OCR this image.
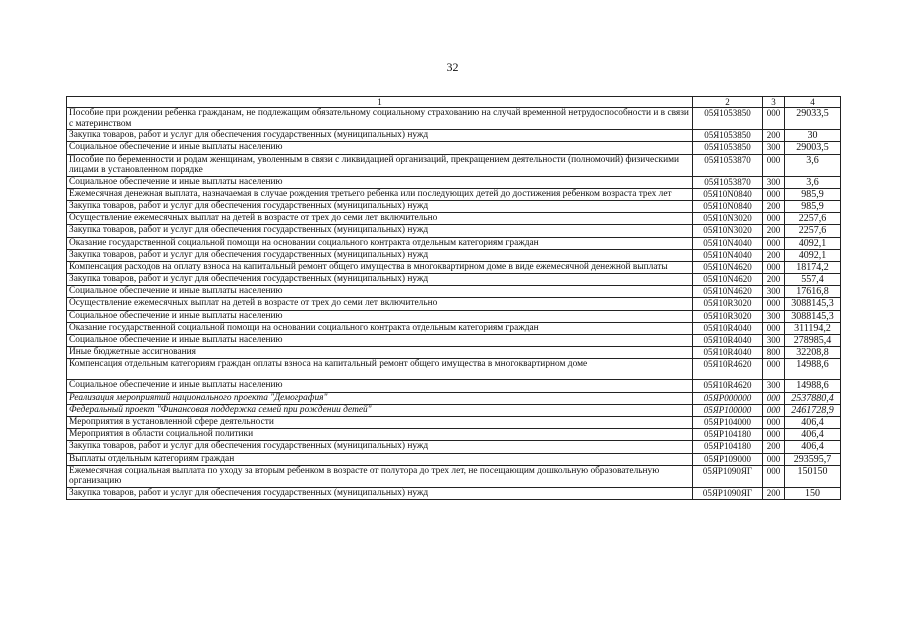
32
1	2	3	4
Пособие при рождении ребенка гражданам, не подлежащим обязательному социальному страхованию на случай временной нетрудоспособности и в связи с материнством	05Я1053850	000	29033,5
Закупка товаров, работ и услуг для обеспечения государственных (муниципальных) нужд	05Я1053850	200	30
Социальное обеспечение и иные выплаты населению	05Я1053850	300	29003,5
Пособие по беременности и родам женщинам, уволенным в связи с ликвидацией организаций, прекращением деятельности (полномочий) физическими лицами в установленном порядке	05Я1053870	000	3,6
Социальное обеспечение и иные выплаты населению	05Я1053870	300	3,6
Ежемесячная денежная выплата, назначаемая в случае рождения третьего ребенка или последующих детей до достижения ребенком возраста трех лет	05Я10N0840	000	985,9
Закупка товаров, работ и услуг для обеспечения государственных (муниципальных) нужд	05Я10N0840	200	985,9
Осуществление ежемесячных выплат на детей в возрасте от трех до семи лет включительно	05Я10N3020	000	2257,6
Закупка товаров, работ и услуг для обеспечения государственных (муниципальных) нужд	05Я10N3020	200	2257,6
Оказание государственной социальной помощи на основании социального контракта отдельным категориям граждан	05Я10N4040	000	4092,1
Закупка товаров, работ и услуг для обеспечения государственных (муниципальных) нужд	05Я10N4040	200	4092,1
Компенсация расходов на оплату взноса на капитальный ремонт общего имущества в многоквартирном доме в виде ежемесячной денежной выплаты	05Я10N4620	000	18174,2
Закупка товаров, работ и услуг для обеспечения государственных (муниципальных) нужд	05Я10N4620	200	557,4
Социальное обеспечение и иные выплаты населению	05Я10N4620	300	17616,8
Осуществление ежемесячных выплат на детей в возрасте от трех до семи лет включительно	05Я10R3020	000	3088145,3
Социальное обеспечение и иные выплаты населению	05Я10R3020	300	3088145,3
Оказание государственной социальной помощи на основании социального контракта отдельным категориям граждан	05Я10R4040	000	311194,2
Социальное обеспечение и иные выплаты населению	05Я10R4040	300	278985,4
Иные бюджетные ассигнования	05Я10R4040	800	32208,8
Компенсация отдельным категориям граждан оплаты взноса на капитальный ремонт общего имущества в многоквартирном доме	05Я10R4620	000	14988,6
Социальное обеспечение и иные выплаты населению	05Я10R4620	300	14988,6
Реализация мероприятий национального проекта "Демография"	05ЯР000000	000	2537880,4
Федеральный проект "Финансовая поддержка семей при рождении детей"	05ЯР100000	000	2461728,9
Мероприятия в установленной сфере деятельности	05ЯР104000	000	406,4
Мероприятия в области социальной политики	05ЯР104180	000	406,4
Закупка товаров, работ и услуг для обеспечения государственных (муниципальных) нужд	05ЯР104180	200	406,4
Выплаты отдельным категориям граждан	05ЯР109000	000	293595,7
Ежемесячная социальная выплата по уходу за вторым ребенком в возрасте от полутора до трех лет, не посещающим дошкольную образовательную организацию	05ЯР1090ЯГ	000	150150
Закупка товаров, работ и услуг для обеспечения государственных (муниципальных) нужд	05ЯР1090ЯГ	200	150
